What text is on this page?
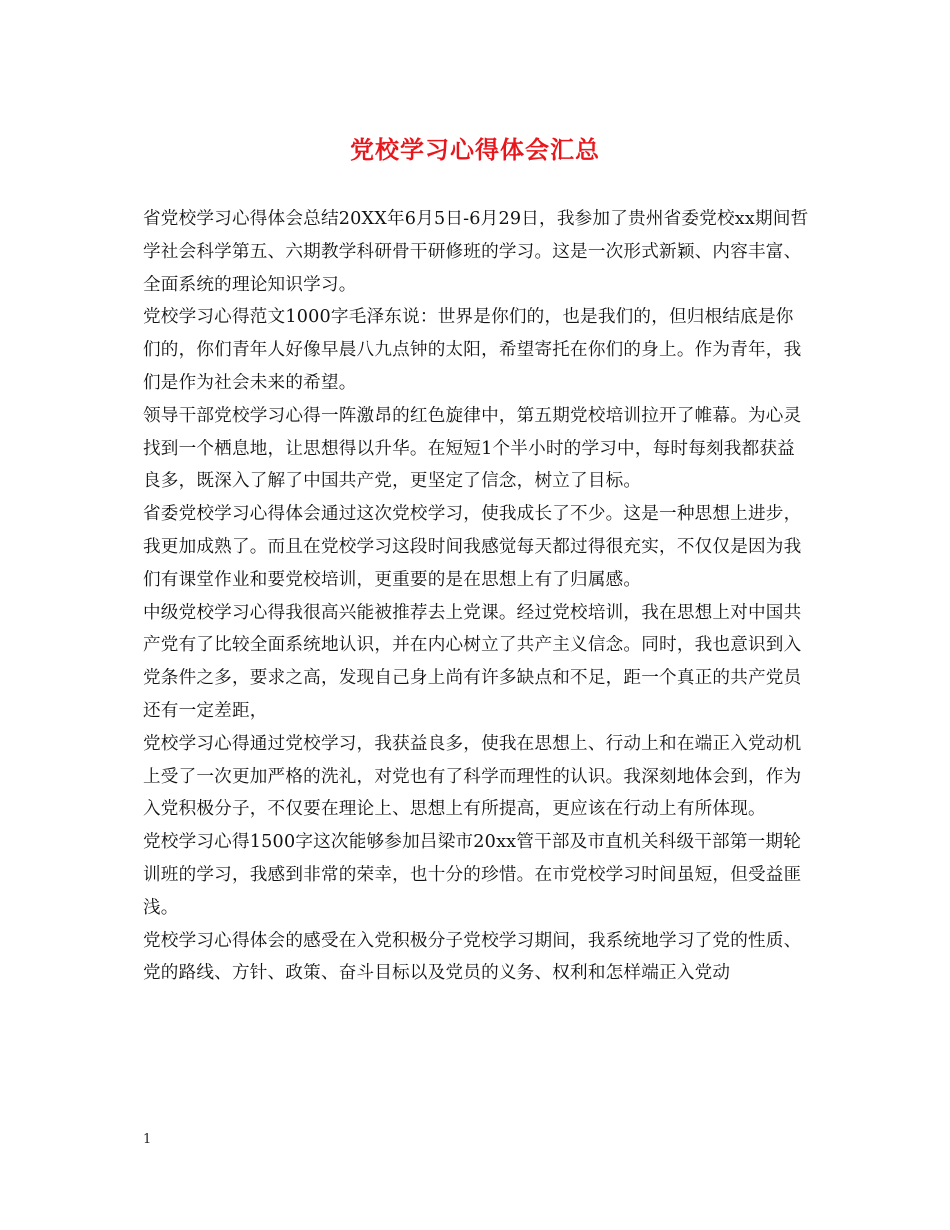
党校学习心得体会汇总

省党校学习心得体会总结20XX年6月5日-6月29日，我参加了贵州省委党校xx期间哲学社会科学第五、六期教学科研骨干研修班的学习。这是一次形式新颖、内容丰富、全面系统的理论知识学习。

党校学习心得范文1000字毛泽东说：世界是你们的，也是我们的，但归根结底是你们的，你们青年人好像早晨八九点钟的太阳，希望寄托在你们的身上。作为青年，我们是作为社会未来的希望。

领导干部党校学习心得一阵激昂的红色旋律中，第五期党校培训拉开了帷幕。为心灵找到一个栖息地，让思想得以升华。在短短1个半小时的学习中，每时每刻我都获益良多，既深入了解了中国共产党，更坚定了信念，树立了目标。

省委党校学习心得体会通过这次党校学习，使我成长了不少。这是一种思想上进步，我更加成熟了。而且在党校学习这段时间我感觉每天都过得很充实，不仅仅是因为我们有课堂作业和要党校培训，更重要的是在思想上有了归属感。

中级党校学习心得我很高兴能被推荐去上党课。经过党校培训，我在思想上对中国共产党有了比较全面系统地认识，并在内心树立了共产主义信念。同时，我也意识到入党条件之多，要求之高，发现自己身上尚有许多缺点和不足，距一个真正的共产党员还有一定差距，

党校学习心得通过党校学习，我获益良多，使我在思想上、行动上和在端正入党动机上受了一次更加严格的洗礼，对党也有了科学而理性的认识。我深刻地体会到，作为入党积极分子，不仅要在理论上、思想上有所提高，更应该在行动上有所体现。

党校学习心得1500字这次能够参加吕梁市20xx管干部及市直机关科级干部第一期轮训班的学习，我感到非常的荣幸，也十分的珍惜。在市党校学习时间虽短，但受益匪浅。

党校学习心得体会的感受在入党积极分子党校学习期间，我系统地学习了党的性质、党的路线、方针、政策、奋斗目标以及党员的义务、权利和怎样端正入党动

1
